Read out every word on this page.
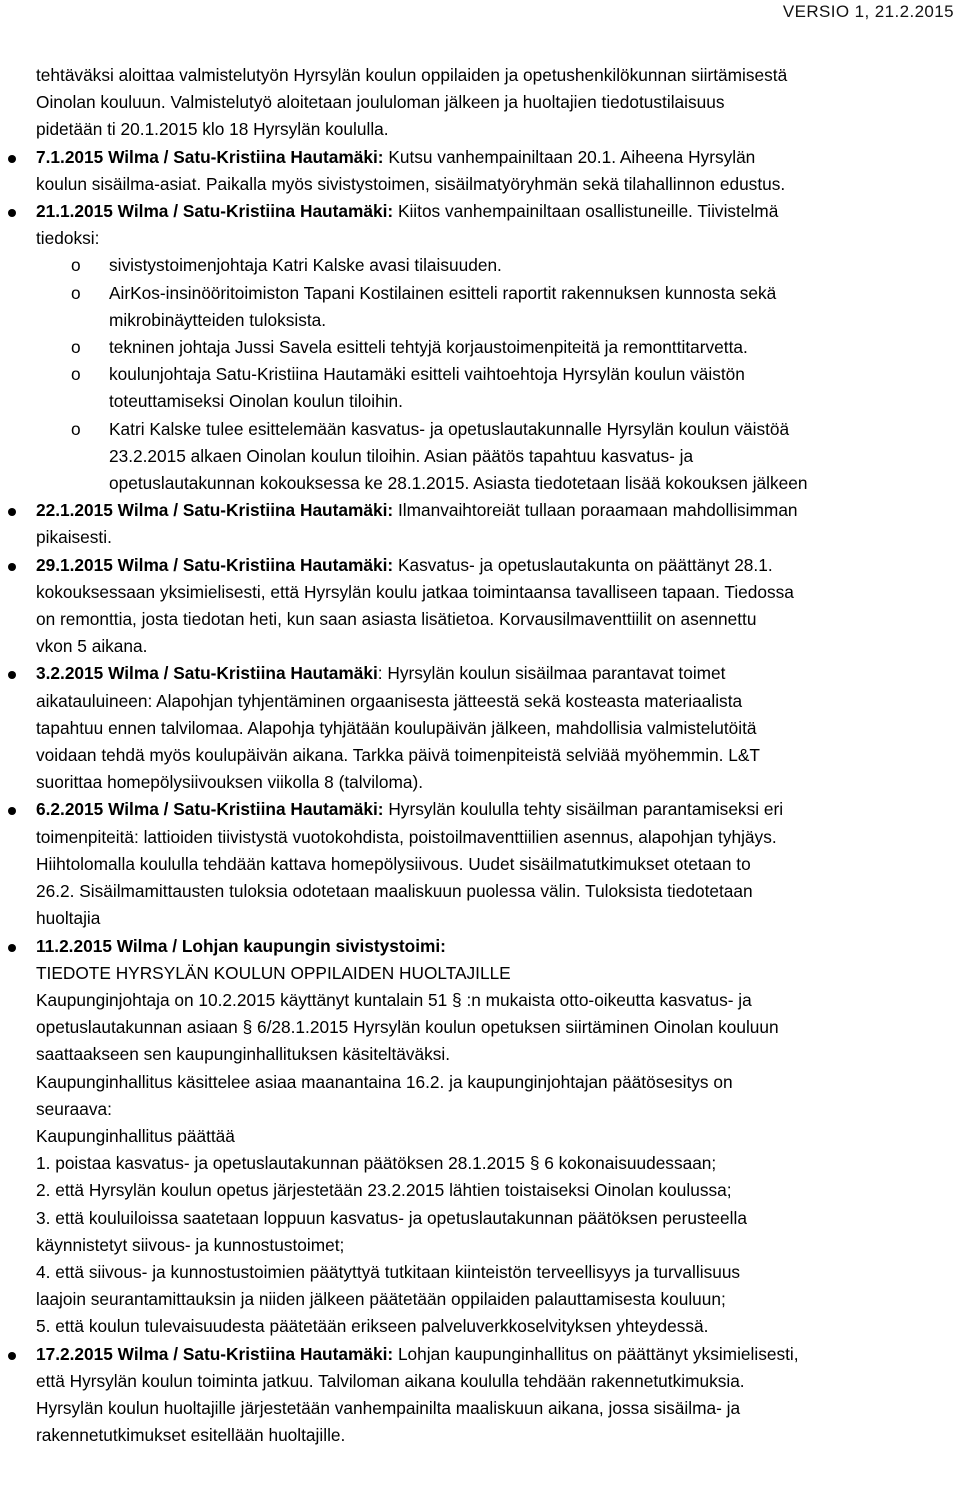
VERSIO 1, 21.2.2015

tehtäväksi aloittaa valmistelutyön Hyrsylän koulun oppilaiden ja opetushenkilökunnan siirtämisestä
Oinolan kouluun. Valmistelutyö aloitetaan joululoman jälkeen ja huoltajien tiedotustilaisuus
pidetään ti 20.1.2015 klo 18 Hyrsylän koululla.

7.1.2015 Wilma / Satu-Kristiina Hautamäki: Kutsu vanhempainiltaan 20.1. Aiheena Hyrsylän
koulun sisäilma-asiat. Paikalla myös sivistystoimen, sisäilmatyöryhmän sekä tilahallinnon edustus.
21.1.2015 Wilma / Satu-Kristiina Hautamäki: Kiitos vanhempainiltaan osallistuneille. Tiivistelmä
tiedoksi:
o sivistystoimenjohtaja Katri Kalske avasi tilaisuuden.
o AirKos-insinööritoimiston Tapani Kostilainen esitteli raportit rakennuksen kunnosta sekä
mikrobinäytteiden tuloksista.
o tekninen johtaja Jussi Savela esitteli tehtyjä korjaustoimenpiteitä ja remonttitarvetta.
o koulunjohtaja Satu-Kristiina Hautamäki esitteli vaihtoehtoja Hyrsylän koulun väistön
toteuttamiseksi Oinolan koulun tiloihin.
o Katri Kalske tulee esittelemään kasvatus- ja opetuslautakunnalle Hyrsylän koulun väistöä
23.2.2015 alkaen Oinolan koulun tiloihin. Asian päätös tapahtuu kasvatus- ja
opetuslautakunnan kokouksessa ke 28.1.2015. Asiasta tiedotetaan lisää kokouksen jälkeen
22.1.2015 Wilma / Satu-Kristiina Hautamäki: Ilmanvaihtoreiät tullaan poraamaan mahdollisimman
pikaisesti.
29.1.2015 Wilma / Satu-Kristiina Hautamäki: Kasvatus- ja opetuslautakunta on päättänyt 28.1.
kokouksessaan yksimielisesti, että Hyrsylän koulu jatkaa toimintaansa tavalliseen tapaan. Tiedossa
on remonttia, josta tiedotan heti, kun saan asiasta lisätietoa. Korvausilmaventtiilit on asennettu
vkon 5 aikana.
3.2.2015 Wilma / Satu-Kristiina Hautamäki: Hyrsylän koulun sisäilmaa parantavat toimet
aikatauluineen: Alapohjan tyhjentäminen orgaanisesta jätteestä sekä kosteasta materiaalista
tapahtuu ennen talvilomaa. Alapohja tyhjätään koulupäivän jälkeen, mahdollisia valmistelutöitä
voidaan tehdä myös koulupäivän aikana. Tarkka päivä toimenpiteistä selviää myöhemmin. L&T
suorittaa homepölysiivouksen viikolla 8 (talviloma).
6.2.2015 Wilma / Satu-Kristiina Hautamäki: Hyrsylän koululla tehty sisäilman parantamiseksi eri
toimenpiteitä: lattioiden tiivistystä vuotokohdista, poistoilmaventtiilien asennus, alapohjan tyhjäys.
Hiihtolomalla koululla tehdään kattava homepölysiivous. Uudet sisäilmatutkimukset otetaan to
26.2. Sisäilmamittausten tuloksia odotetaan maaliskuun puolessa välin. Tuloksista tiedotetaan
huoltajia
11.2.2015 Wilma / Lohjan kaupungin sivistystoimi:
TIEDOTE HYRSYLÄN KOULUN OPPILAIDEN HUOLTAJILLE
Kaupunginjohtaja on 10.2.2015 käyttänyt kuntalain 51 § :n mukaista otto-oikeutta kasvatus- ja
opetuslautakunnan asiaan § 6/28.1.2015 Hyrsylän koulun opetuksen siirtäminen Oinolan kouluun
saattaakseen sen kaupunginhallituksen käsiteltäväksi.
Kaupunginhallitus käsittelee asiaa maanantaina 16.2. ja kaupunginjohtajan päätösesitys on
seuraava:
Kaupunginhallitus päättää
1. poistaa kasvatus- ja opetuslautakunnan päätöksen 28.1.2015 § 6 kokonaisuudessaan;
2. että Hyrsylän koulun opetus järjestetään 23.2.2015 lähtien toistaiseksi Oinolan koulussa;
3. että kouluiloissa saatetaan loppuun kasvatus- ja opetuslautakunnan päätöksen perusteella
käynnistetyt siivous- ja kunnostustoimet;
4. että siivous- ja kunnostustoimien päätyttyä tutkitaan kiinteistön terveellisyys ja turvallisuus
laajoin seurantamittauksin ja niiden jälkeen päätetään oppilaiden palauttamisesta kouluun;
5. että koulun tulevaisuudesta päätetään erikseen palveluverkkoselvityksen yhteydessä.
17.2.2015 Wilma / Satu-Kristiina Hautamäki: Lohjan kaupunginhallitus on päättänyt yksimielisesti,
että Hyrsylän koulun toiminta jatkuu. Talviloman aikana koululla tehdään rakennetutkimuksia.
Hyrsylän koulun huoltajille järjestetään vanhempainilta maaliskuun aikana, jossa sisäilma- ja
rakennetutkimukset esitellään huoltajille.
